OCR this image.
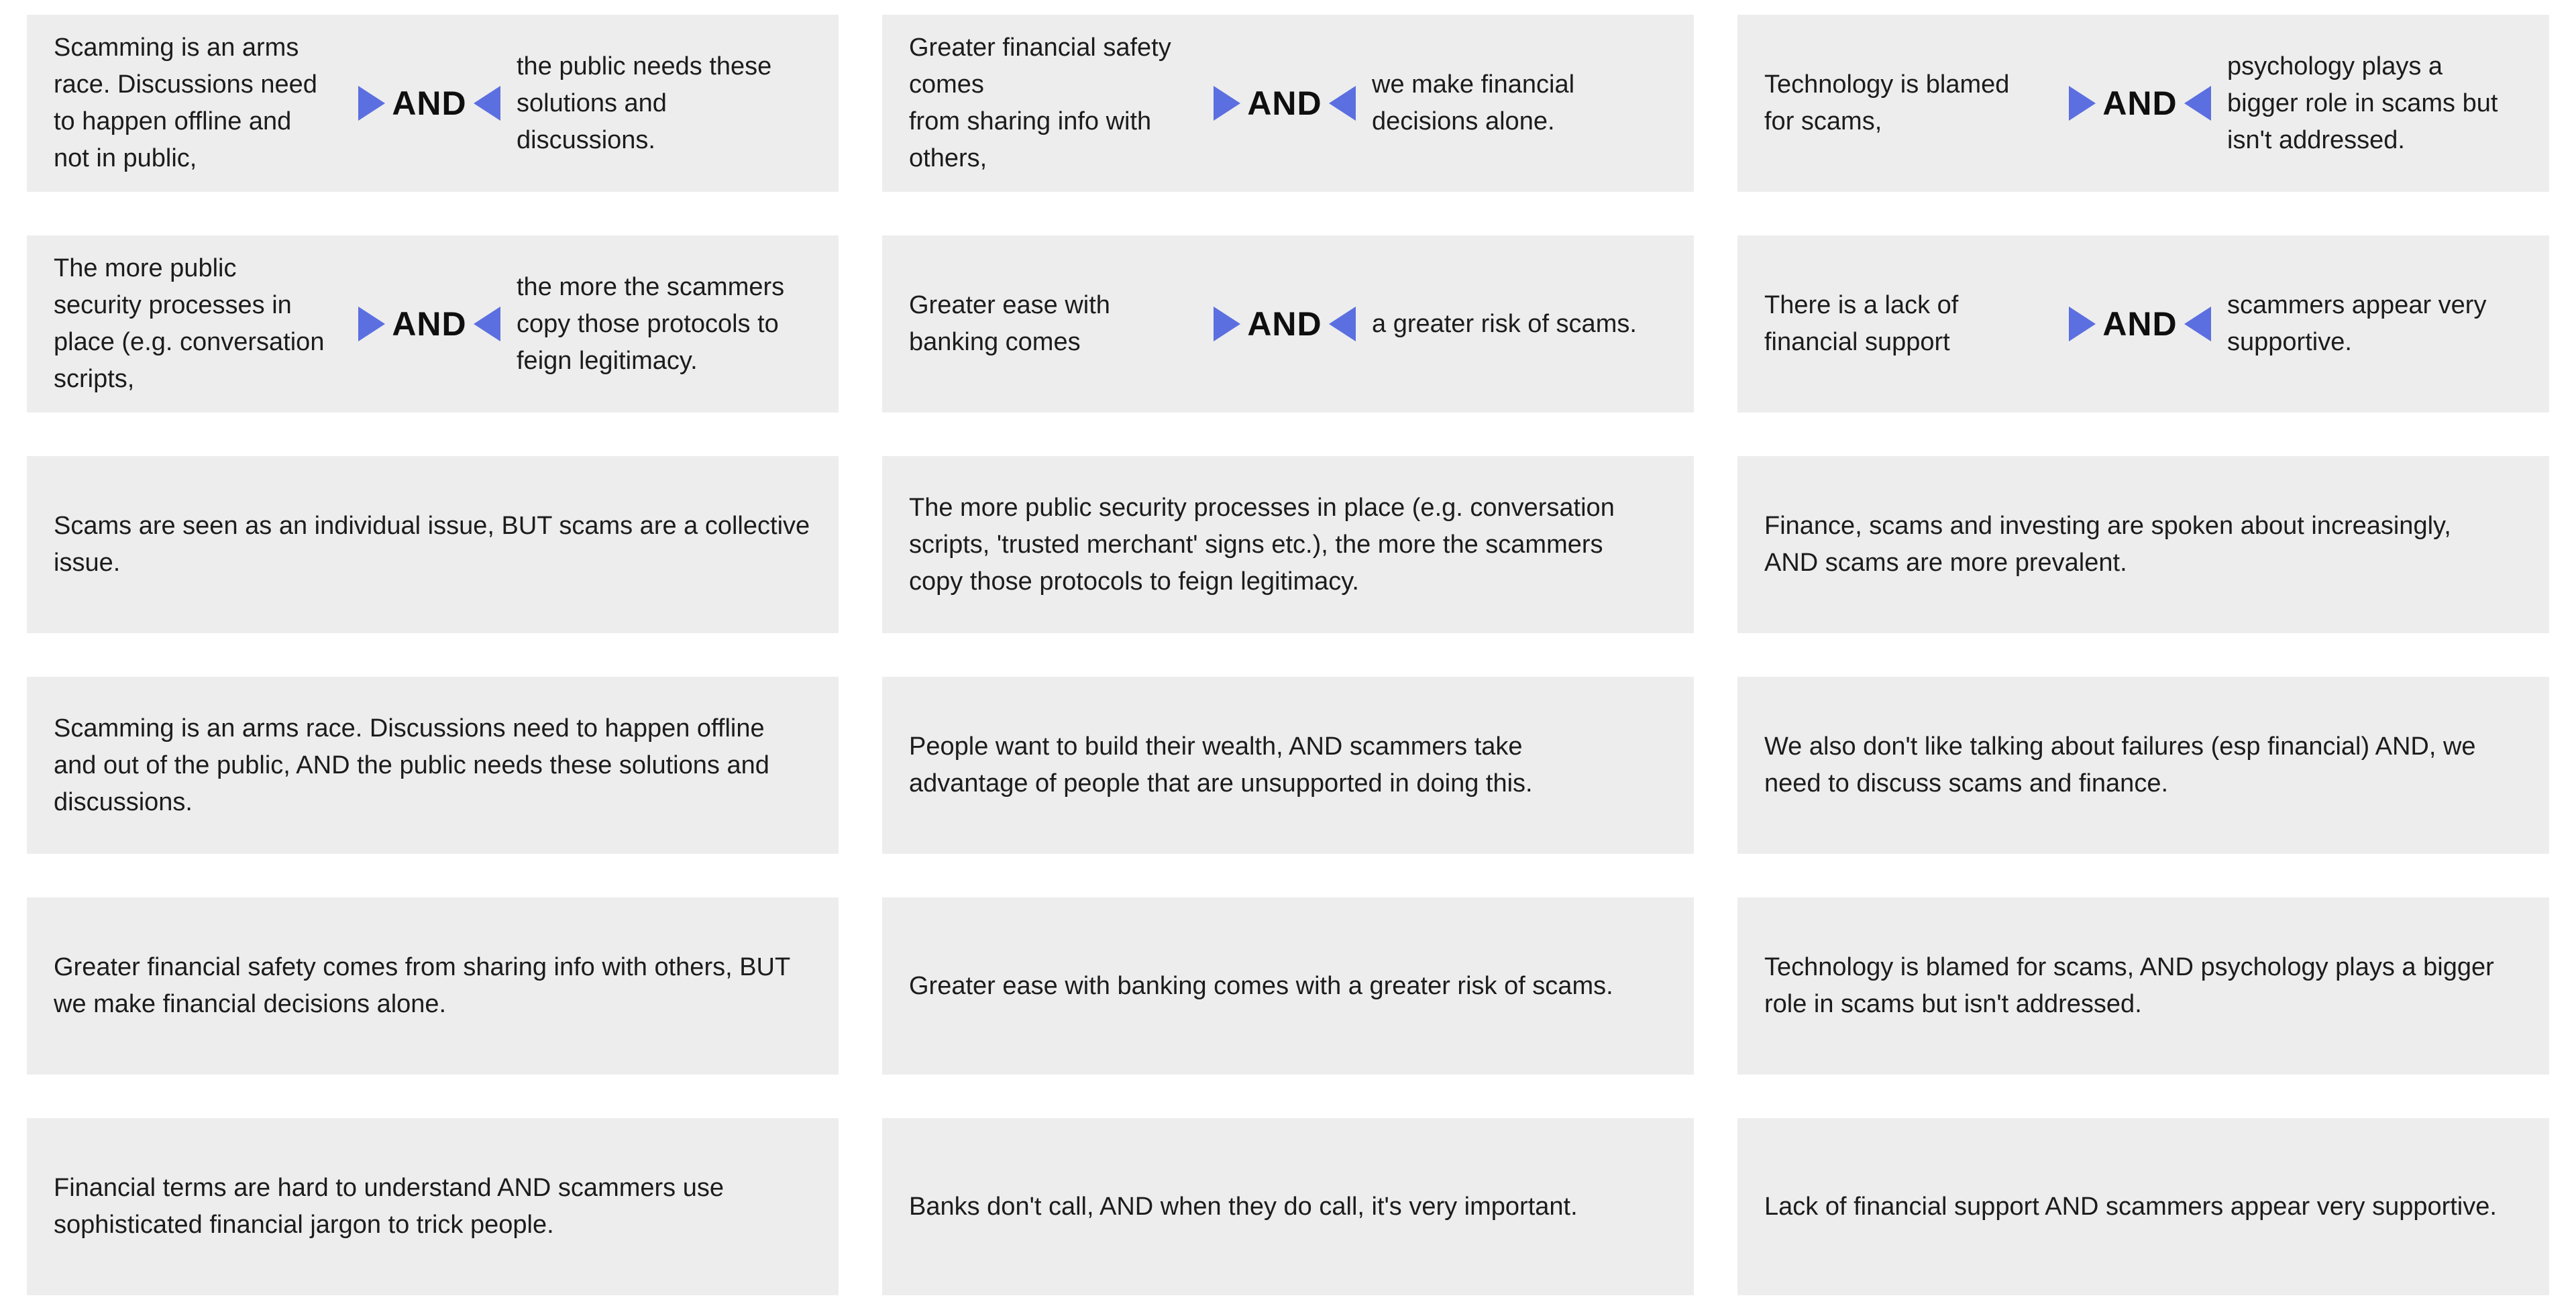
Scamming is an arms
race. Discussions need
to happen offline and
not in public,
AND
the public needs these
solutions and
discussions.
Greater financial safety
comes
from sharing info with
others,
AND we make financial
decisions alone.
Technology is blamed
for scams,	AND
psychology plays a
bigger role in scams but
isn't addressed.
The more public
security processes in
place (e.g. conversation
scripts,
AND
the more the scammers
copy those protocols to
feign legitimacy.
Greater ease with
banking comes	AND a greater risk of scams.
There is a lack of
financial support	AND scammers appear very
supportive.

Scams are seen as an individual issue, BUT scams are a collective
issue.

The more public security processes in place (e.g. conversation
scripts, 'trusted merchant' signs etc.), the more the scammers
copy those protocols to feign legitimacy.

Finance, scams and investing are spoken about increasingly,
AND scams are more prevalent.

Scamming is an arms race. Discussions need to happen offline
and out of the public, AND the public needs these solutions and
discussions.

People want to build their wealth, AND scammers take
advantage of people that are unsupported in doing this.

We also don't like talking about failures (esp financial) AND, we
need to discuss scams and finance.

Greater financial safety comes from sharing info with others, BUT
we make financial decisions alone.

Greater ease with banking comes with a greater risk of scams.

Technology is blamed for scams, AND psychology plays a bigger
role in scams but isn't addressed.

Financial terms are hard to understand AND scammers use
sophisticated financial jargon to trick people.

Banks don't call, AND when they do call, it's very important.	Lack of financial support AND scammers appear very supportive.
